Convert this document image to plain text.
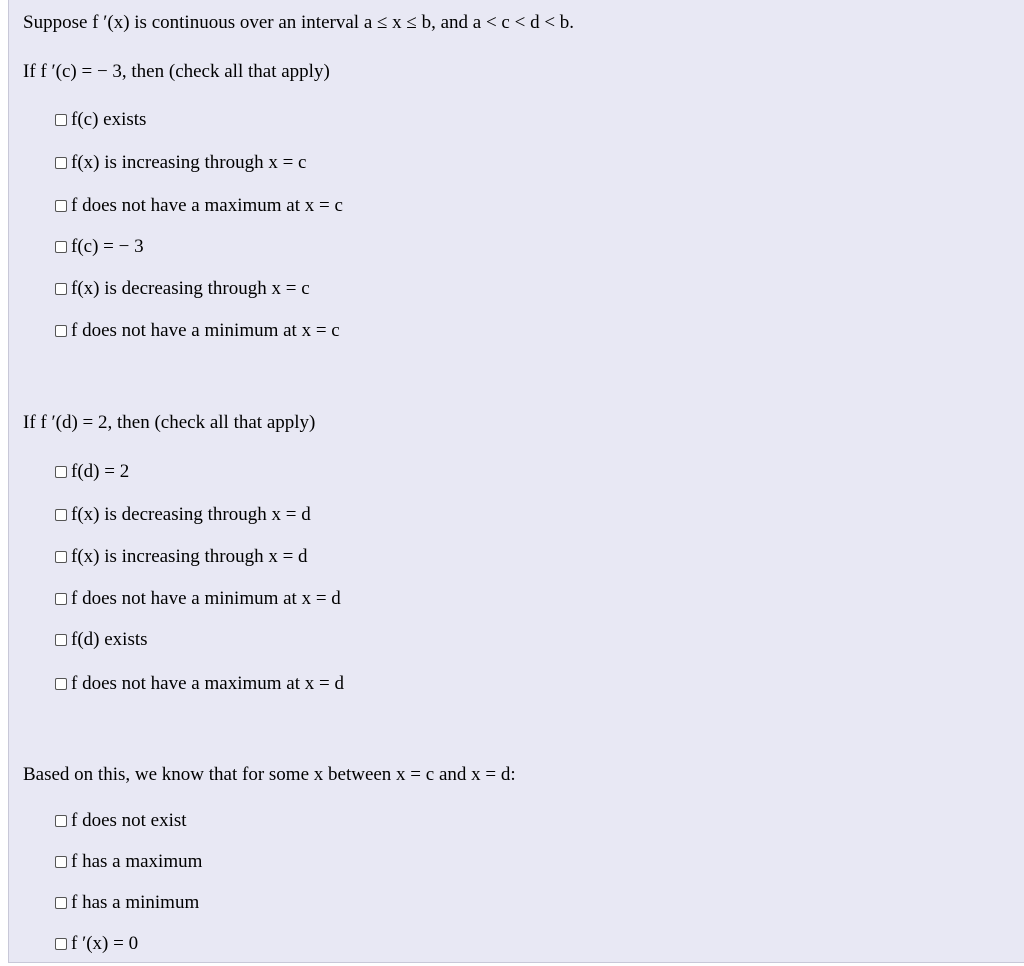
Suppose f ′(x) is continuous over an interval a ≤ x ≤ b, and a < c < d < b.
If f ′(c) = − 3, then (check all that apply)
f(c) exists
f(x) is increasing through x = c
f does not have a maximum at x = c
f(c) = − 3
f(x) is decreasing through x = c
f does not have a minimum at x = c
If f ′(d) = 2, then (check all that apply)
f(d) = 2
f(x) is decreasing through x = d
f(x) is increasing through x = d
f does not have a minimum at x = d
f(d) exists
f does not have a maximum at x = d
Based on this, we know that for some x between x = c and x = d:
f does not exist
f has a maximum
f has a minimum
f ′(x) = 0
